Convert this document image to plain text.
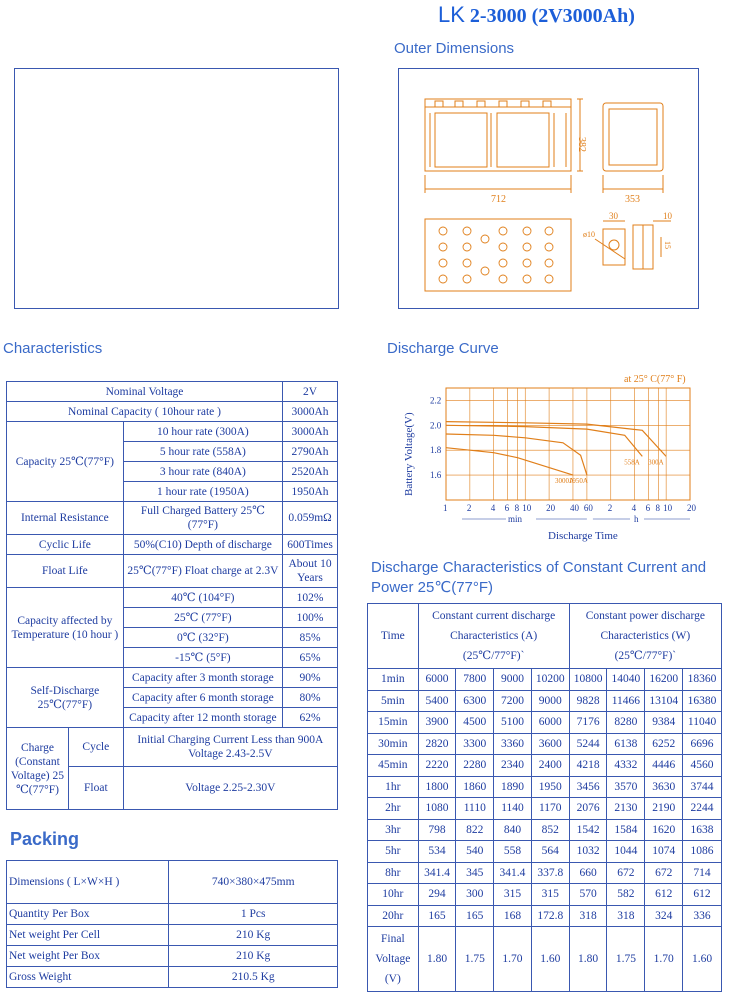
LK 2-3000 (2V3000Ah)
Outer Dimensions
382
712	353
30	10
ø10
15
Characteristics
Nominal Voltage			2V
Nominal Capacity ( 10hour rate )			3000Ah
Capacity 25℃(77°F)		10 hour rate (300A)	3000Ah
		5 hour rate (558A)	2790Ah
		3 hour rate (840A)	2520Ah
		1 hour rate (1950A)	1950Ah
Internal Resistance		Full Charged Battery 25℃ (77°F)	0.059mΩ
Cyclic Life		50%(C10) Depth of discharge	600Times
Float Life		25℃(77°F) Float charge at 2.3V	About 10 Years
Capacity affected by Temperature (10 hour )		40℃ (104°F)	102%
		25℃ (77°F)	100%
		0℃ (32°F)	85%
		-15℃ (5°F)	65%
Self-Discharge 25℃(77°F)		Capacity after 3 month storage	90%
		Capacity after 6 month storage	80%
		Capacity after 12 month storage	62%
Charge (Constant Voltage) 25 ℃(77°F)	Cycle	Initial Charging Current Less than 900A Voltage 2.43-2.5V	
	Float	Voltage 2.25-2.30V	
Packing
Dimensions ( L×W×H )	740×380×475mm
Quantity Per Box	1 Pcs
Net weight Per Cell	210 Kg
Net weight Per Box	210 Kg
Gross Weight	210.5 Kg
Discharge Curve
at 25° C(77° F)
Battery Voltage(V)
Discharge Time
2.2
2.0
1.8
1.6
1 2 4 6 8 10 20 40 60 2 4 6 8 10 20
min	h
3000A
1950A
558A 300A
Discharge Characteristics of Constant Current and Power 25℃(77°F)
Time	Constant current discharge Characteristics (A) (25℃/77°F)`				Constant power discharge Characteristics (W) (25℃/77°F)`			
1min	6000	7800	9000	10200	10800	14040	16200	18360
5min	5400	6300	7200	9000	9828	11466	13104	16380
15min	3900	4500	5100	6000	7176	8280	9384	11040
30min	2820	3300	3360	3600	5244	6138	6252	6696
45min	2220	2280	2340	2400	4218	4332	4446	4560
1hr	1800	1860	1890	1950	3456	3570	3630	3744
2hr	1080	1110	1140	1170	2076	2130	2190	2244
3hr	798	822	840	852	1542	1584	1620	1638
5hr	534	540	558	564	1032	1044	1074	1086
8hr	341.4	345	341.4	337.8	660	672	672	714
10hr	294	300	315	315	570	582	612	612
20hr	165	165	168	172.8	318	318	324	336
Final Voltage (V)	1.80	1.75	1.70	1.60	1.80	1.75	1.70	1.60
